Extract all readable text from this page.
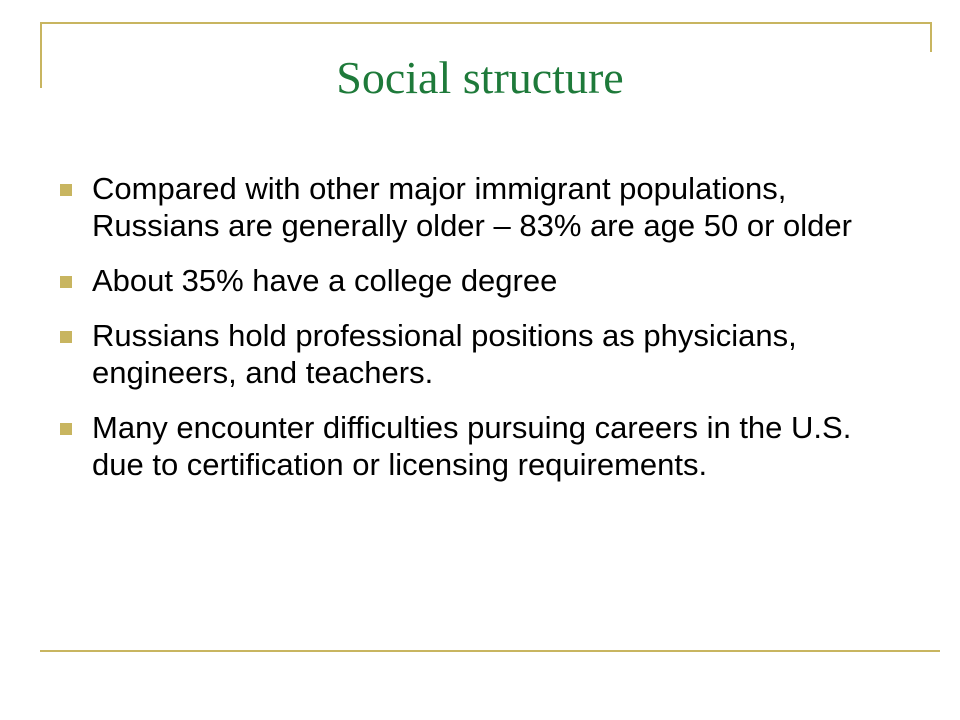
Social structure
Compared with other major immigrant populations, Russians are generally older – 83% are age 50 or older
About 35% have a college degree
Russians hold professional positions as physicians, engineers, and teachers.
Many encounter difficulties pursuing careers in the U.S. due to certification or licensing requirements.
